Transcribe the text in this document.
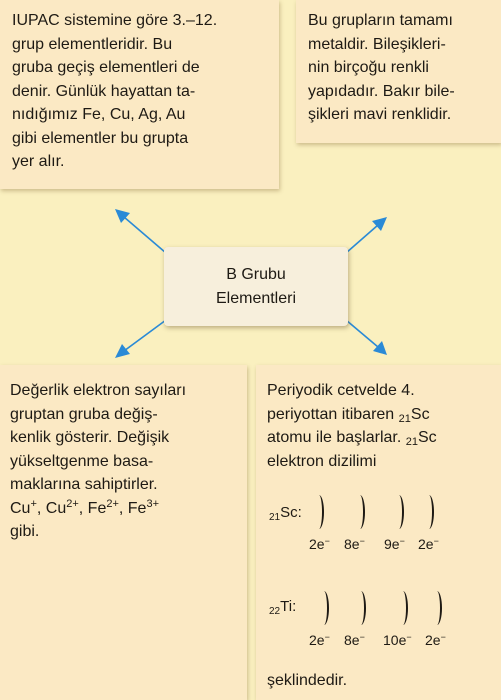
IUPAC sistemine göre 3.–12.
grup elementleridir. Bu
gruba geçiş elementleri de
denir. Günlük hayattan ta-
nıdığımız Fe, Cu, Ag, Au
gibi elementler bu grupta
yer alır.
Bu grupların tamamı
metaldir. Bileşikleri-
nin birçoğu renkli
yapıdadır. Bakır bile-
şikleri mavi renklidir.
B Grubu
Elementleri
Değerlik elektron sayıları
gruptan gruba değiş-
kenlik gösterir. Değişik
yükseltgenme basa-
maklarına sahiptirler.
Cu+, $Cu^{2+}$, $Fe^{2+}$, $Fe^{3+}$
gibi.
Periyodik cetvelde 4.
periyottan itibaren $_{21}$Sc
atomu ile başlarlar. $_{21}$Sc
elektron dizilimi
$_{21}$Sc:
2e− 8e− 9e− 2e−
$_{22}$Ti:
2e− 8e− 10e− 2e−
şeklindedir.
